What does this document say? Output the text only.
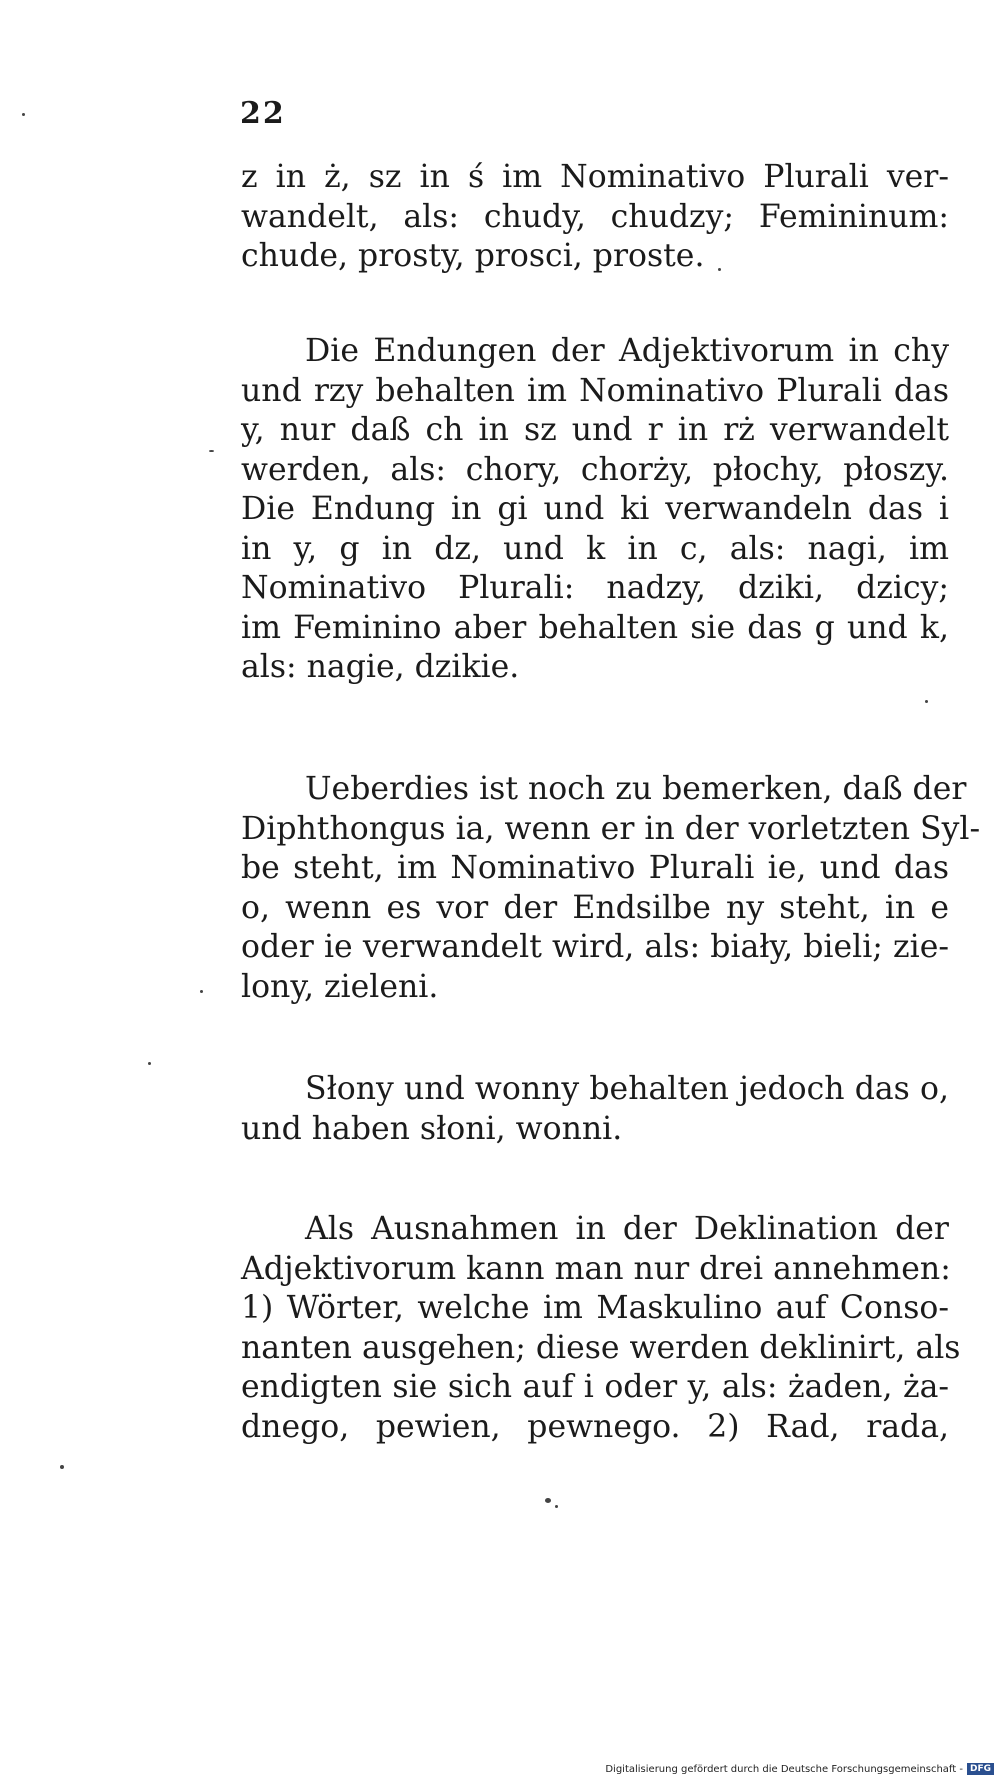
22
z in ż, sz in ś im Nominativo Plurali ver-
wandelt, als: chudy, chudzy; Femininum:
chude, prosty, prosci, proste.
Die Endungen der Adjektivorum in chy
und rzy behalten im Nominativo Plurali das
y, nur daß ch in sz und r in rż verwandelt
werden, als: chory, chorży, płochy, płoszy.
Die Endung in gi und ki verwandeln das i
in y, g in dz, und k in c, als: nagi, im
Nominativo Plurali: nadzy, dziki, dzicy;
im Feminino aber behalten sie das g und k,
als: nagie, dzikie.
Ueberdies ist noch zu bemerken, daß der
Diphthongus ia, wenn er in der vorletzten Syl-
be steht, im Nominativo Plurali ie, und das
o, wenn es vor der Endsilbe ny steht, in e
oder ie verwandelt wird, als: biały, bieli; zie-
lony, zieleni.
Słony und wonny behalten jedoch das o,
und haben słoni, wonni.
Als Ausnahmen in der Deklination der
Adjektivorum kann man nur drei annehmen:
1) Wörter, welche im Maskulino auf Conso-
nanten ausgehen; diese werden deklinirt, als
endigten sie sich auf i oder y, als: żaden, ża-
dnego, pewien, pewnego. 2) Rad, rada,
Digitalisierung gefördert durch die Deutsche Forschungsgemeinschaft - DFG
